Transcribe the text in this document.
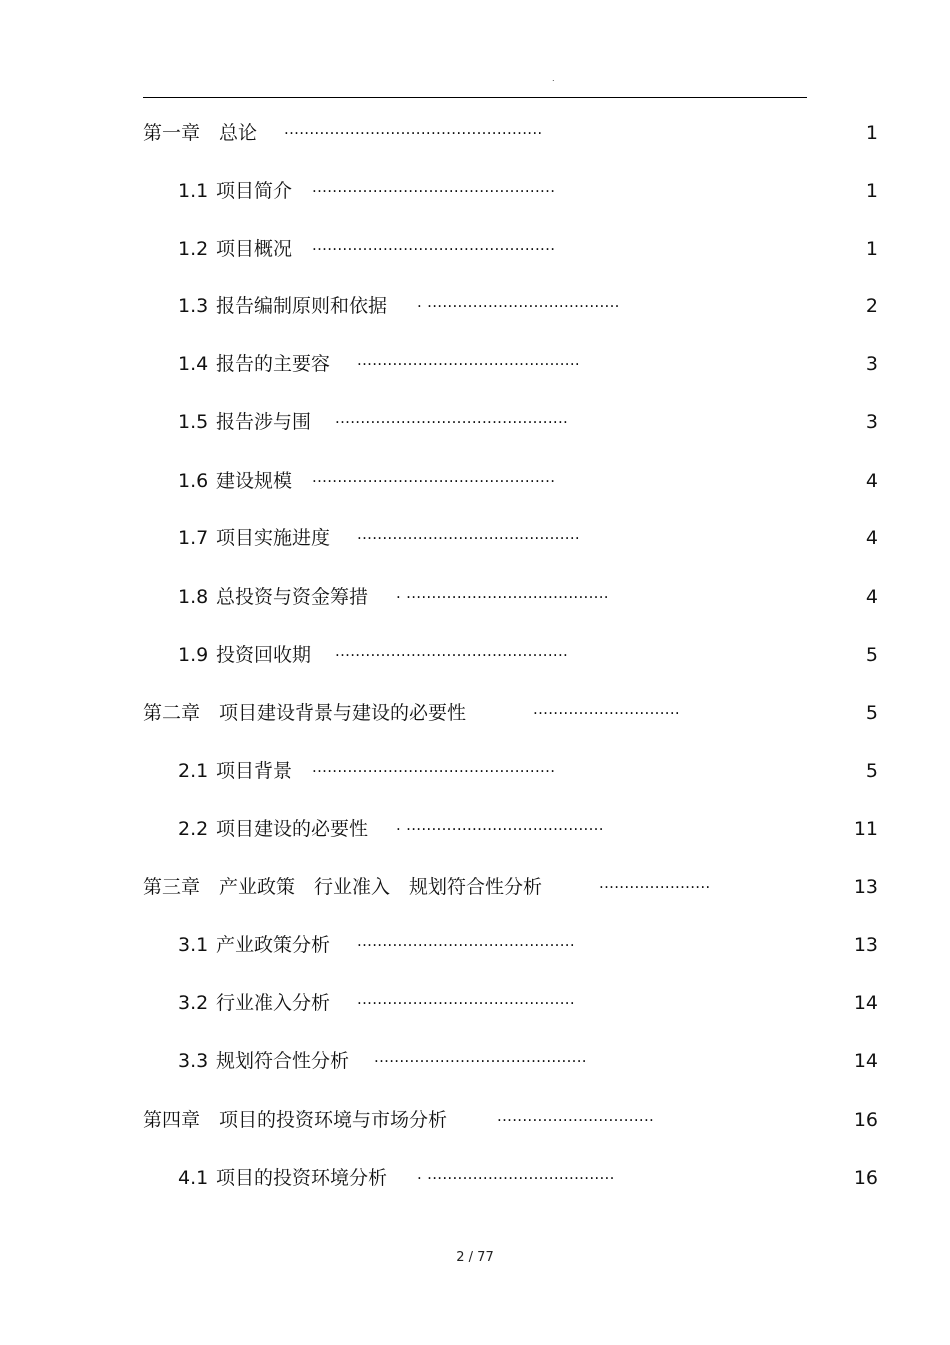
.
第一章　总论 ...................................................	1
1.1 项目简介 ................................................	1
1.2 项目概况 ................................................	1
1.3 报告编制原则和依据 . ......................................	2
1.4 报告的主要容 ............................................	3
1.5 报告涉与围 ..............................................	3
1.6 建设规模 ................................................	4
1.7 项目实施进度 ............................................	4
1.8 总投资与资金筹措 . ........................................	4
1.9 投资回收期 ..............................................	5
第二章　项目建设背景与建设的必要性	.............................	5
2.1 项目背景 ................................................	5
2.2 项目建设的必要性 . .......................................	11
第三章　产业政策　行业准入　规划符合性分析	......................	13
3.1 产业政策分析 ...........................................	13
3.2 行业准入分析 ...........................................	14
3.3 规划符合性分析 ..........................................	14
第四章　项目的投资环境与市场分析	...............................	16
4.1 项目的投资环境分析 . .....................................	16
2 / 77
